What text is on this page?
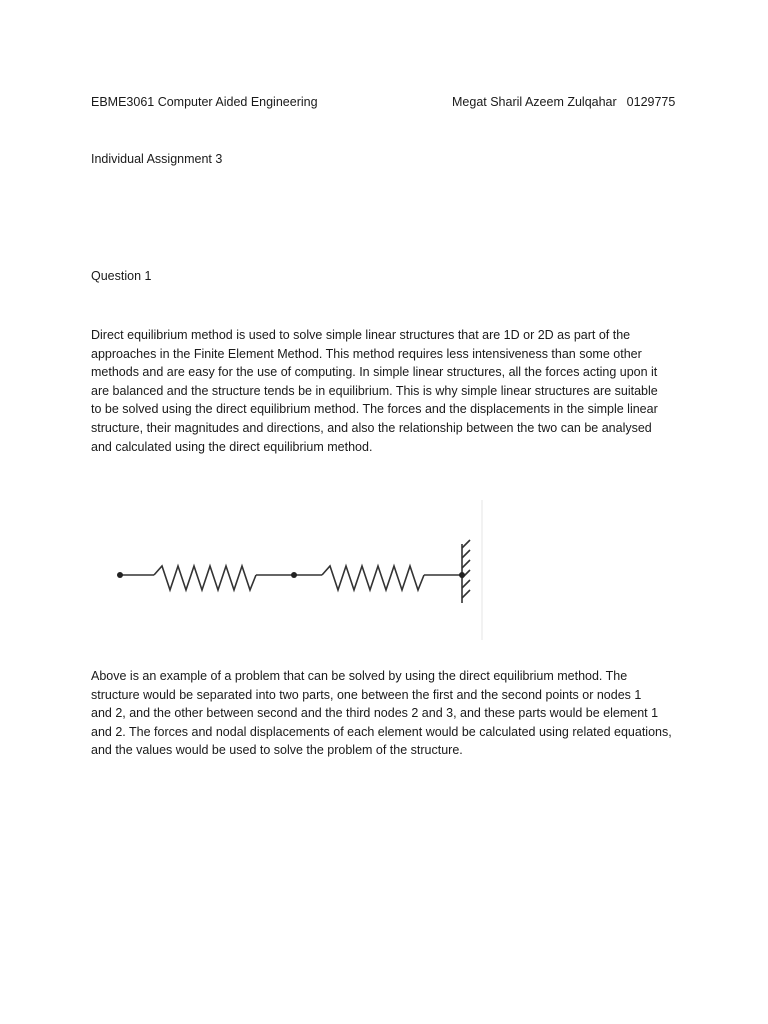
EBME3061 Computer Aided Engineering	Megat Sharil Azeem Zulqahar 0129775
Individual Assignment 3
Question 1
Direct equilibrium method is used to solve simple linear structures that are 1D or 2D as part of the
approaches in the Finite Element Method. This method requires less intensiveness than some other
methods and are easy for the use of computing. In simple linear structures, all the forces acting upon it
are balanced and the structure tends be in equilibrium. This is why simple linear structures are suitable
to be solved using the direct equilibrium method. The forces and the displacements in the simple linear
structure, their magnitudes and directions, and also the relationship between the two can be analysed
and calculated using the direct equilibrium method.
Above is an example of a problem that can be solved by using the direct equilibrium method. The
structure would be separated into two parts, one between the first and the second points or nodes 1
and 2, and the other between second and the third nodes 2 and 3, and these parts would be element 1
and 2. The forces and nodal displacements of each element would be calculated using related equations,
and the values would be used to solve the problem of the structure.
